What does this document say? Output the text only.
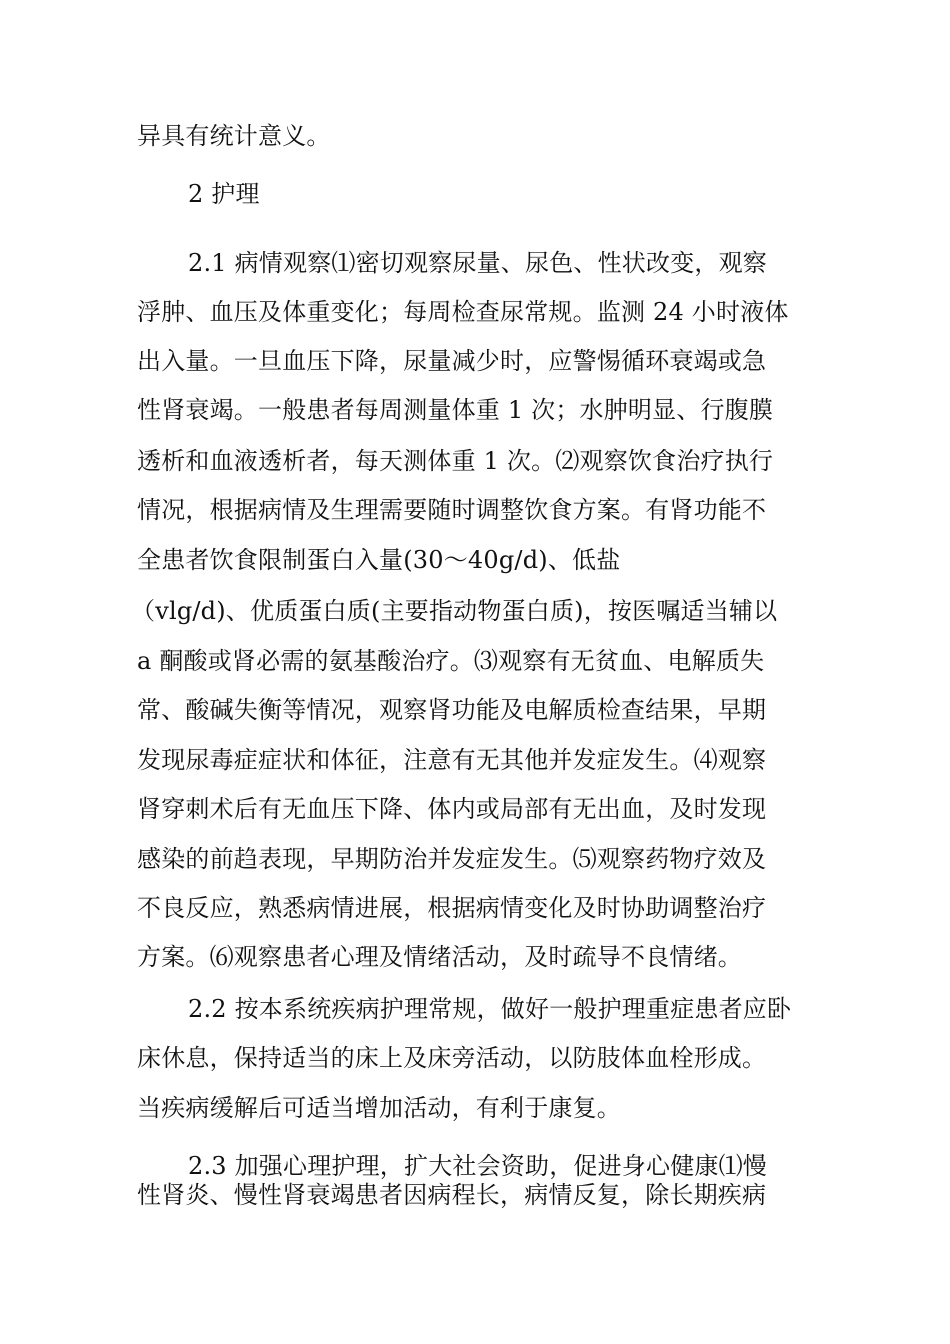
异具有统计意义。
2 护理
2.1 病情观察⑴密切观察尿量、尿色、性状改变，观察
浮肿、血压及体重变化；每周检查尿常规。监测 24 小时液体
出入量。一旦血压下降，尿量减少时，应警惕循环衰竭或急
性肾衰竭。一般患者每周测量体重 1 次；水肿明显、行腹膜
透析和血液透析者，每天测体重 1 次。⑵观察饮食治疗执行
情况，根据病情及生理需要随时调整饮食方案。有肾功能不
全患者饮食限制蛋白入量(30〜40g/d)、低盐
（vlg/d)、优质蛋白质(主要指动物蛋白质)，按医嘱适当辅以
a 酮酸或肾必需的氨基酸治疗。⑶观察有无贫血、电解质失
常、酸碱失衡等情况，观察肾功能及电解质检查结果，早期
发现尿毒症症状和体征，注意有无其他并发症发生。⑷观察
肾穿刺术后有无血压下降、体内或局部有无出血，及时发现
感染的前趋表现，早期防治并发症发生。⑸观察药物疗效及
不良反应，熟悉病情进展，根据病情变化及时协助调整治疗
方案。⑹观察患者心理及情绪活动，及时疏导不良情绪。
2.2 按本系统疾病护理常规，做好一般护理重症患者应卧
床休息，保持适当的床上及床旁活动，以防肢体血栓形成。
当疾病缓解后可适当增加活动，有利于康复。
2.3 加强心理护理，扩大社会资助，促进身心健康⑴慢
性肾炎、慢性肾衰竭患者因病程长，病情反复，除长期疾病
